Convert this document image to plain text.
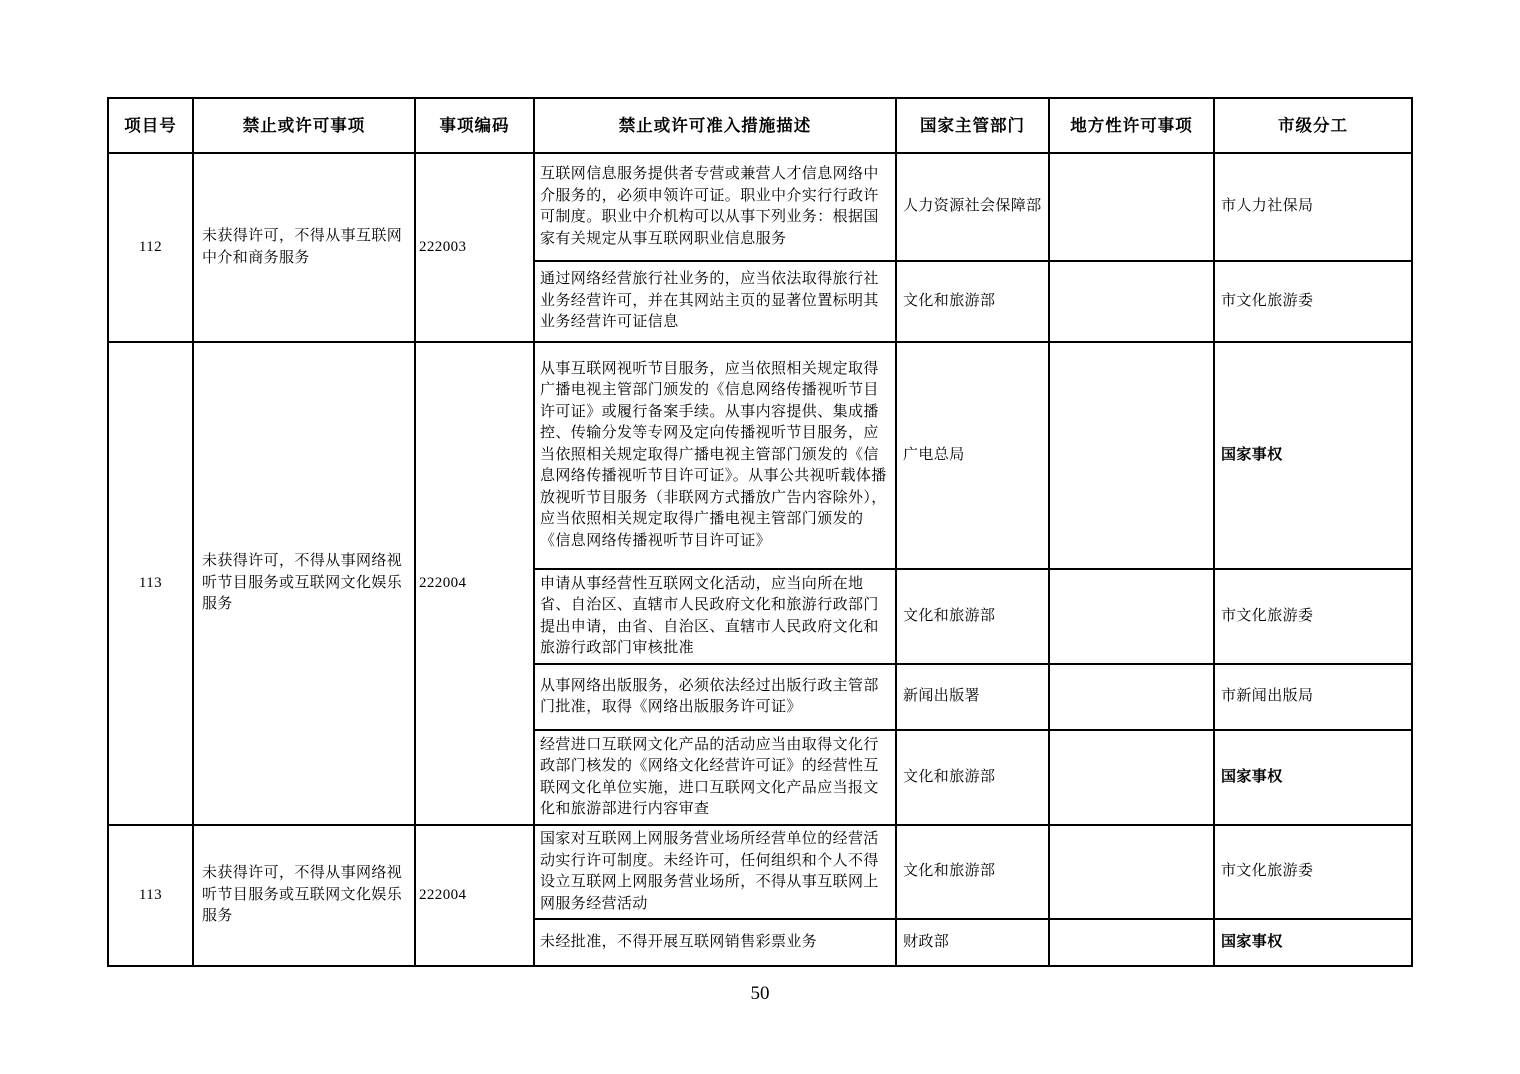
项目号	禁止或许可事项	事项编码	禁止或许可准入措施描述	国家主管部门	地方性许可事项	市级分工
112	未获得许可，不得从事互联网中介和商务服务	222003	互联网信息服务提供者专营或兼营人才信息网络中介服务的，必须申领许可证。职业中介实行行政许可制度。职业中介机构可以从事下列业务：根据国家有关规定从事互联网职业信息服务	人力资源社会保障部		市人力社保局
			通过网络经营旅行社业务的，应当依法取得旅行社业务经营许可，并在其网站主页的显著位置标明其业务经营许可证信息	文化和旅游部		市文化旅游委
113	未获得许可，不得从事网络视听节目服务或互联网文化娱乐服务	222004	从事互联网视听节目服务，应当依照相关规定取得广播电视主管部门颁发的《信息网络传播视听节目许可证》或履行备案手续。从事内容提供、集成播控、传输分发等专网及定向传播视听节目服务，应当依照相关规定取得广播电视主管部门颁发的《信息网络传播视听节目许可证》。从事公共视听载体播放视听节目服务（非联网方式播放广告内容除外），应当依照相关规定取得广播电视主管部门颁发的《信息网络传播视听节目许可证》	广电总局		国家事权
			申请从事经营性互联网文化活动，应当向所在地省、自治区、直辖市人民政府文化和旅游行政部门提出申请，由省、自治区、直辖市人民政府文化和旅游行政部门审核批准	文化和旅游部		市文化旅游委
			从事网络出版服务，必须依法经过出版行政主管部门批准，取得《网络出版服务许可证》	新闻出版署		市新闻出版局
			经营进口互联网文化产品的活动应当由取得文化行政部门核发的《网络文化经营许可证》的经营性互联网文化单位实施，进口互联网文化产品应当报文化和旅游部进行内容审查	文化和旅游部		国家事权
113	未获得许可，不得从事网络视听节目服务或互联网文化娱乐服务	222004	国家对互联网上网服务营业场所经营单位的经营活动实行许可制度。未经许可，任何组织和个人不得设立互联网上网服务营业场所，不得从事互联网上网服务经营活动	文化和旅游部		市文化旅游委
			未经批准，不得开展互联网销售彩票业务	财政部		国家事权
50
